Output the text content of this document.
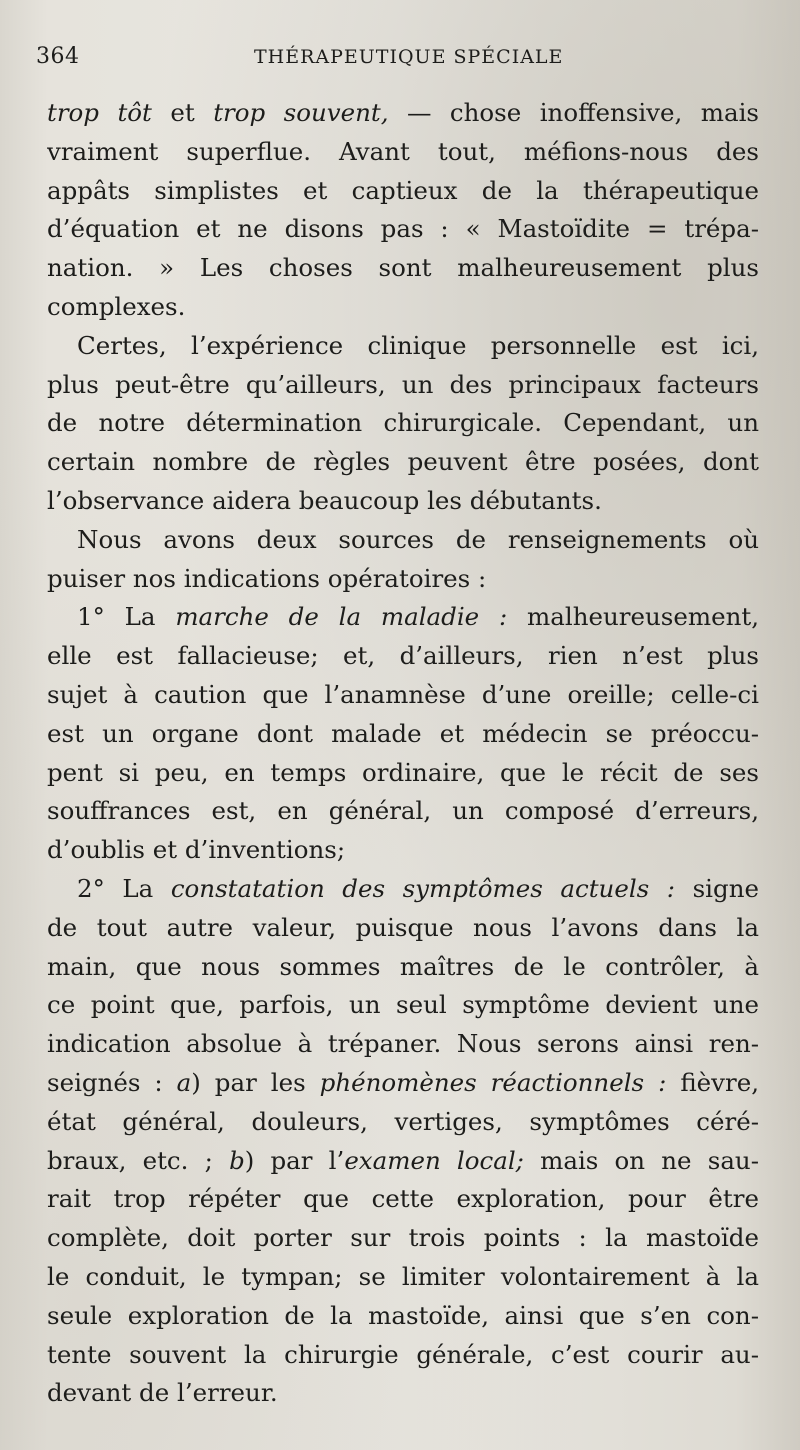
364	THÉRAPEUTIQUE SPÉCIALE
trop tôt et trop souvent, — chose inoffensive, mais
vraiment superflue. Avant tout, méfions-nous des
appâts simplistes et captieux de la thérapeutique
d’équation et ne disons pas : « Mastoïdite = trépa-
nation. » Les choses sont malheureusement plus
complexes.
Certes, l’expérience clinique personnelle est ici,
plus peut-être qu’ailleurs, un des principaux facteurs
de notre détermination chirurgicale. Cependant, un
certain nombre de règles peuvent être posées, dont
l’observance aidera beaucoup les débutants.
Nous avons deux sources de renseignements où
puiser nos indications opératoires :
1° La marche de la maladie : malheureusement,
elle est fallacieuse; et, d’ailleurs, rien n’est plus
sujet à caution que l’anamnèse d’une oreille; celle-ci
est un organe dont malade et médecin se préoccu-
pent si peu, en temps ordinaire, que le récit de ses
souffrances est, en général, un composé d’erreurs,
d’oublis et d’inventions;
2° La constatation des symptômes actuels : signe
de tout autre valeur, puisque nous l’avons dans la
main, que nous sommes maîtres de le contrôler, à
ce point que, parfois, un seul symptôme devient une
indication absolue à trépaner. Nous serons ainsi ren-
seignés : a) par les phénomènes réactionnels : fièvre,
état général, douleurs, vertiges, symptômes céré-
braux, etc. ; b) par l’examen local; mais on ne sau-
rait trop répéter que cette exploration, pour être
complète, doit porter sur trois points : la mastoïde
le conduit, le tympan; se limiter volontairement à la
seule exploration de la mastoïde, ainsi que s’en con-
tente souvent la chirurgie générale, c’est courir au-
devant de l’erreur.
